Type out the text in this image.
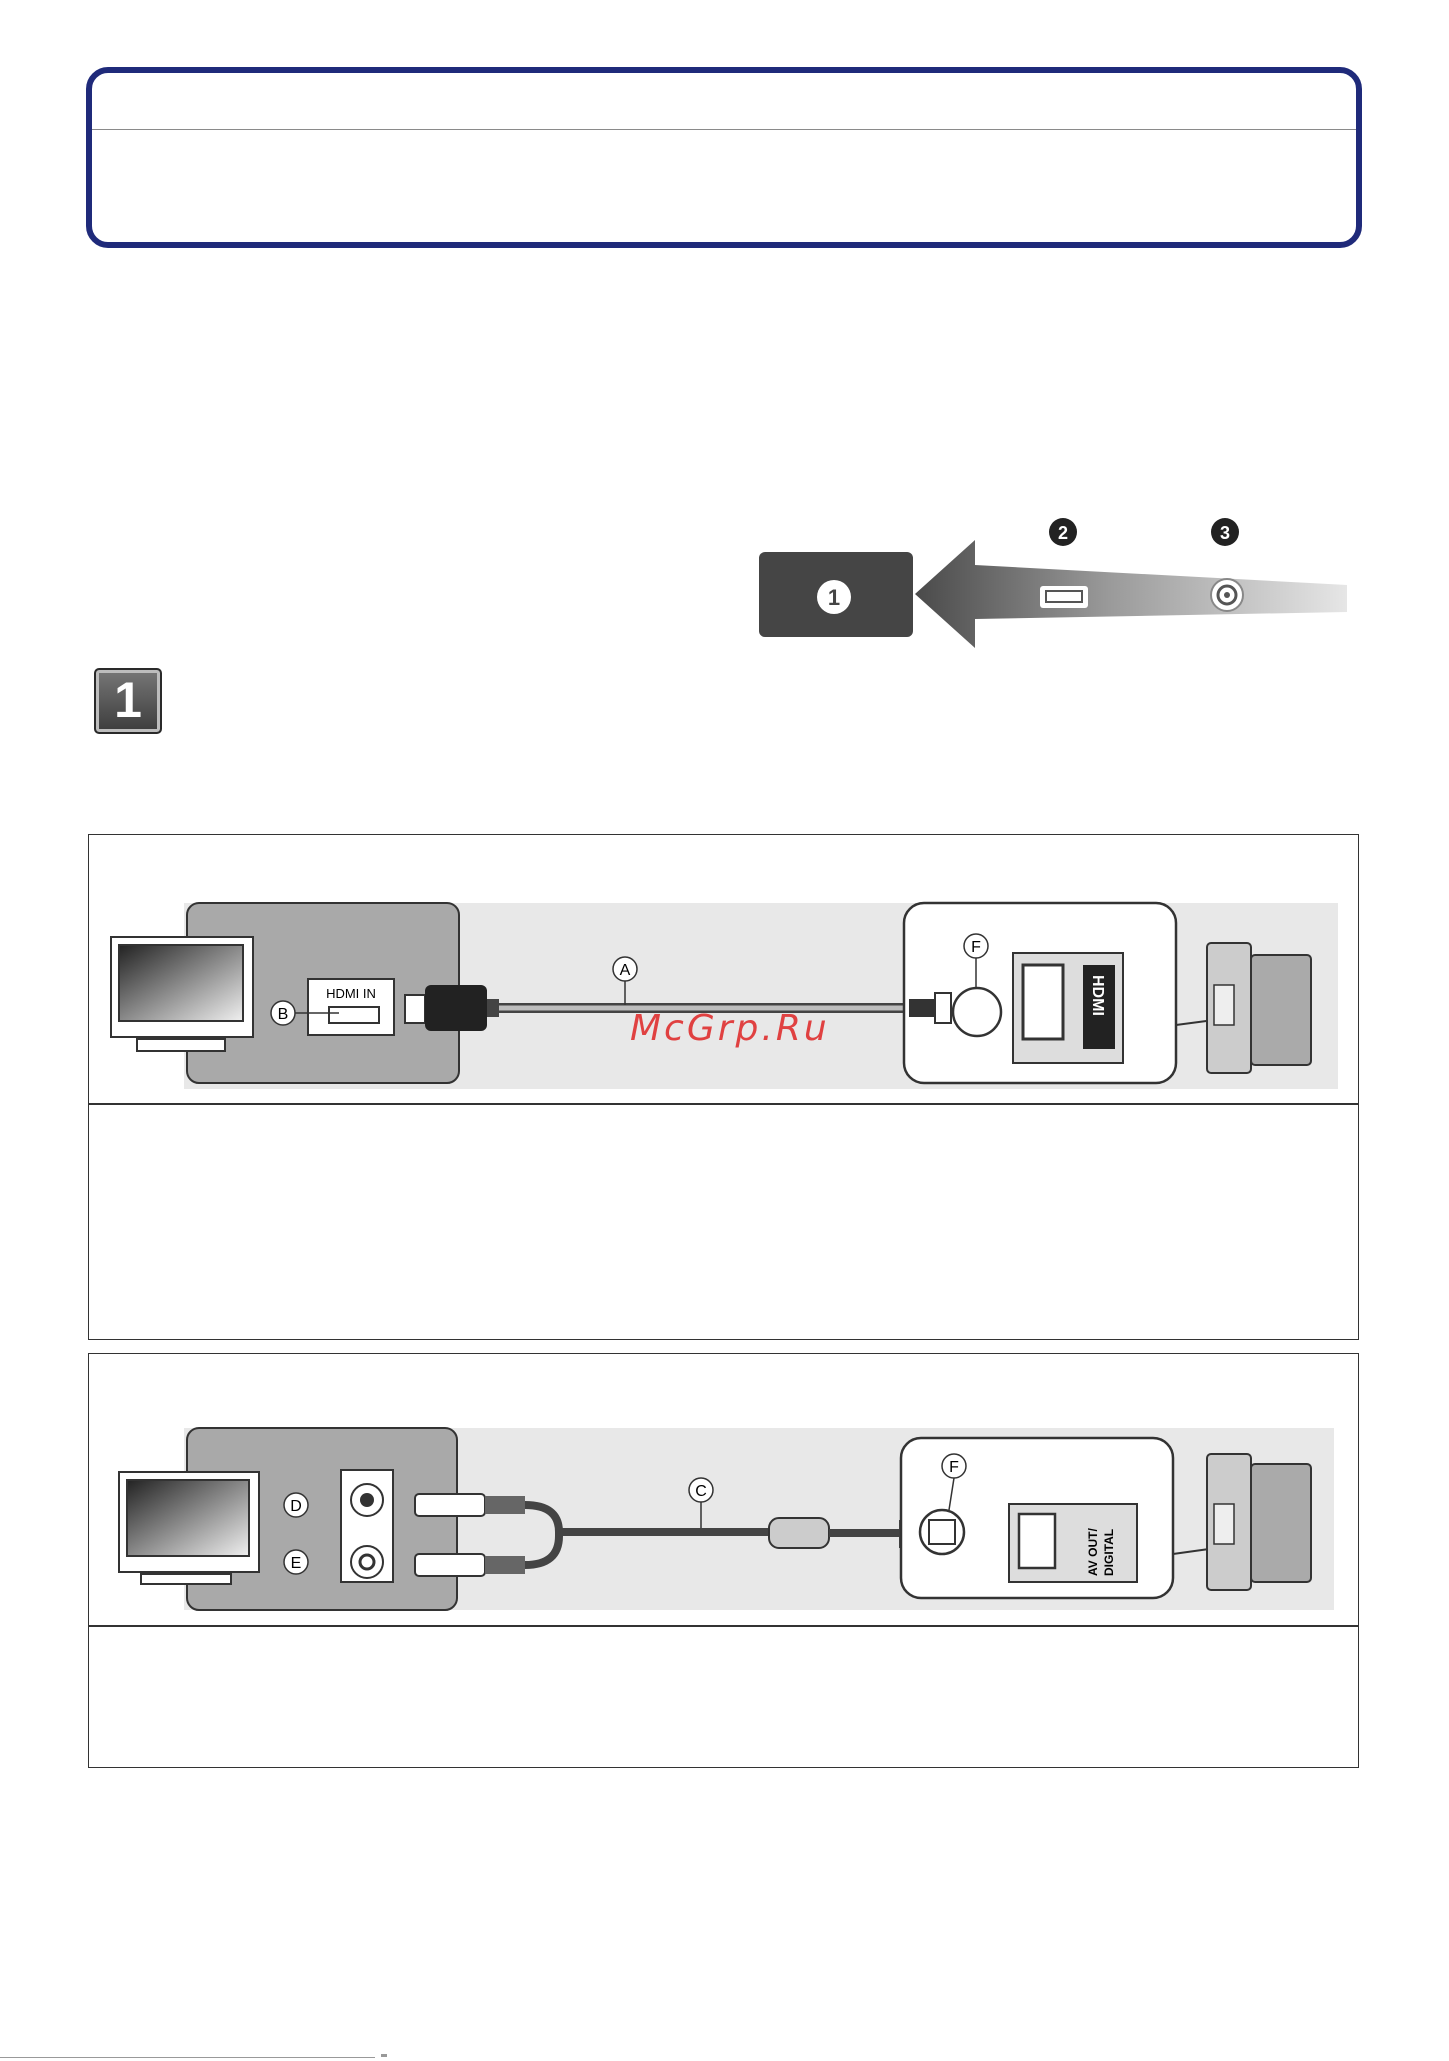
1
2	3
1
HDMI IN
B
A
F
HDMI
D
E
C
F
AV OUT/ DIGITAL
McGrp.Ru
